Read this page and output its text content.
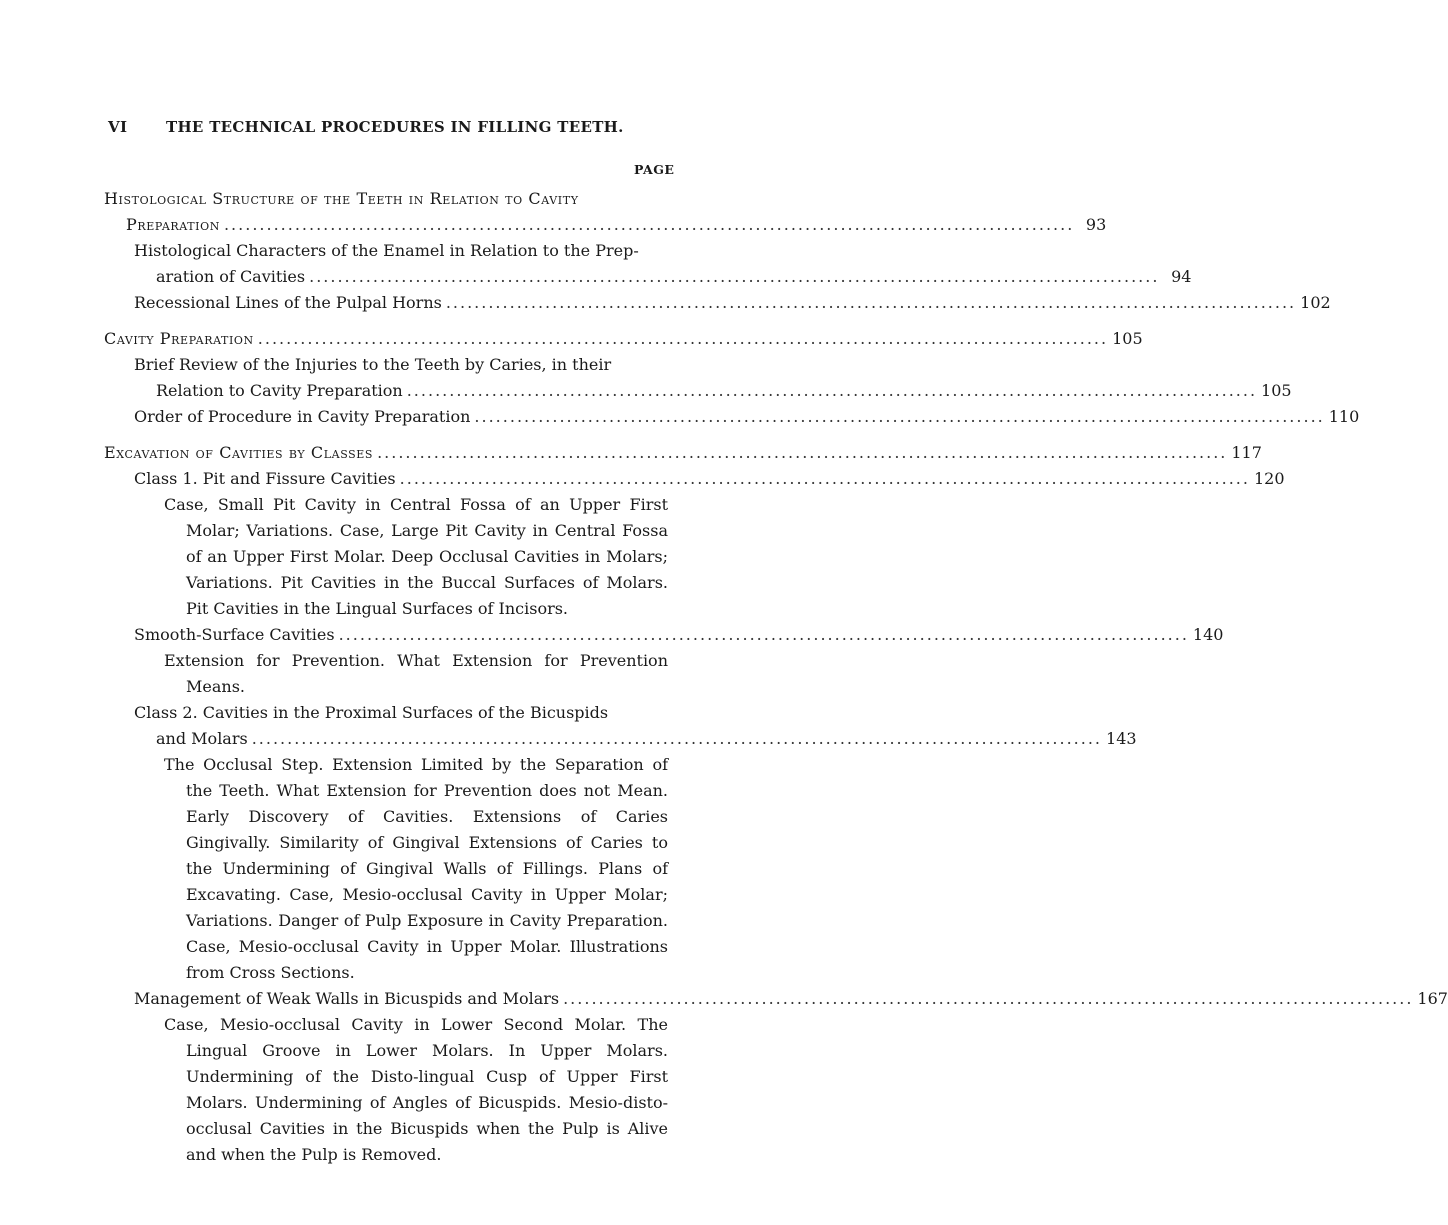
VI	THE TECHNICAL PROCEDURES IN FILLING TEETH.
PAGE
Histological Structure of the Teeth in Relation to Cavity
Preparation ........................................................................................................................ 93
Histological Characters of the Enamel in Relation to the Prep-
aration of Cavities ........................................................................................................................ 94
Recessional Lines of the Pulpal Horns ........................................................................................................................ 102
Cavity Preparation ........................................................................................................................ 105
Brief Review of the Injuries to the Teeth by Caries, in their
Relation to Cavity Preparation ........................................................................................................................ 105
Order of Procedure in Cavity Preparation ........................................................................................................................ 110
Excavation of Cavities by Classes ........................................................................................................................ 117
Class 1. Pit and Fissure Cavities ........................................................................................................................ 120
Case, Small Pit Cavity in Central Fossa of an Upper First Molar; Variations. Case, Large Pit Cavity in Central Fossa of an Upper First Molar. Deep Occlusal Cavities in Molars; Variations. Pit Cavities in the Buccal Surfaces of Molars. Pit Cavities in the Lingual Surfaces of Incisors.
Smooth-Surface Cavities ........................................................................................................................ 140
Extension for Prevention. What Extension for Prevention Means.
Class 2. Cavities in the Proximal Surfaces of the Bicuspids
and Molars ........................................................................................................................ 143
The Occlusal Step. Extension Limited by the Separation of the Teeth. What Extension for Prevention does not Mean. Early Discovery of Cavities. Extensions of Caries Gingivally. Similarity of Gingival Extensions of Caries to the Undermining of Gingival Walls of Fillings. Plans of Excavating. Case, Mesio-occlusal Cavity in Upper Molar; Variations. Danger of Pulp Exposure in Cavity Preparation. Case, Mesio-occlusal Cavity in Upper Molar. Illustrations from Cross Sections.
Management of Weak Walls in Bicuspids and Molars ........................................................................................................................ 167
Case, Mesio-occlusal Cavity in Lower Second Molar. The Lingual Groove in Lower Molars. In Upper Molars. Undermining of the Disto-lingual Cusp of Upper First Molars. Undermining of Angles of Bicuspids. Mesio-disto-occlusal Cavities in the Bicuspids when the Pulp is Alive and when the Pulp is Removed.
